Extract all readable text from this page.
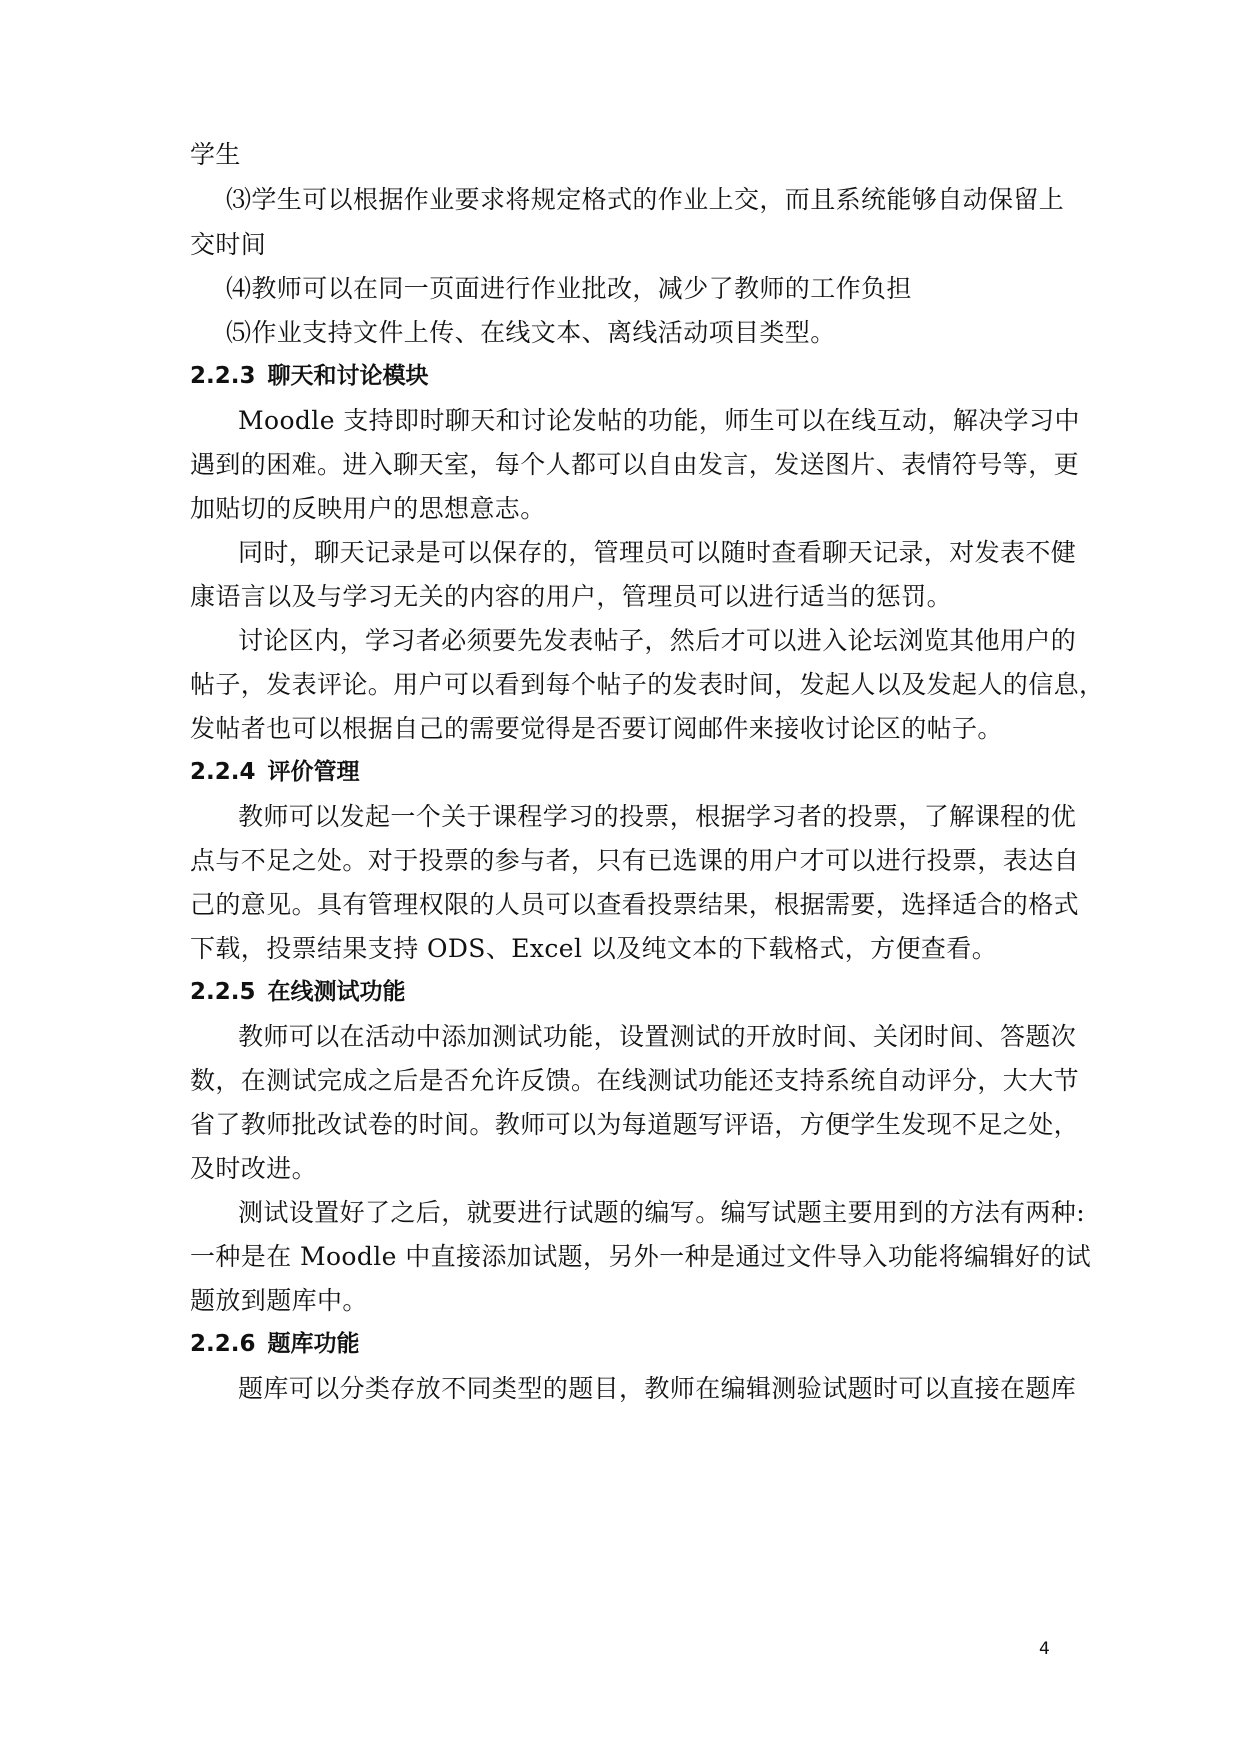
学生
⑶学生可以根据作业要求将规定格式的作业上交，而且系统能够自动保留上
交时间
⑷教师可以在同一页面进行作业批改，减少了教师的工作负担
⑸作业支持文件上传、在线文本、离线活动项目类型。
2.2.3 聊天和讨论模块
Moodle 支持即时聊天和讨论发帖的功能，师生可以在线互动，解决学习中
遇到的困难。进入聊天室，每个人都可以自由发言，发送图片、表情符号等，更
加贴切的反映用户的思想意志。
同时，聊天记录是可以保存的，管理员可以随时查看聊天记录，对发表不健
康语言以及与学习无关的内容的用户，管理员可以进行适当的惩罚。
讨论区内，学习者必须要先发表帖子，然后才可以进入论坛浏览其他用户的
帖子，发表评论。用户可以看到每个帖子的发表时间，发起人以及发起人的信息，
发帖者也可以根据自己的需要觉得是否要订阅邮件来接收讨论区的帖子。
2.2.4 评价管理
教师可以发起一个关于课程学习的投票，根据学习者的投票，了解课程的优
点与不足之处。对于投票的参与者，只有已选课的用户才可以进行投票，表达自
己的意见。具有管理权限的人员可以查看投票结果，根据需要，选择适合的格式
下载，投票结果支持 ODS、Excel 以及纯文本的下载格式，方便查看。
2.2.5 在线测试功能
教师可以在活动中添加测试功能，设置测试的开放时间、关闭时间、答题次
数，在测试完成之后是否允许反馈。在线测试功能还支持系统自动评分，大大节
省了教师批改试卷的时间。教师可以为每道题写评语，方便学生发现不足之处，
及时改进。
测试设置好了之后，就要进行试题的编写。编写试题主要用到的方法有两种:
一种是在 Moodle 中直接添加试题，另外一种是通过文件导入功能将编辑好的试
题放到题库中。
2.2.6 题库功能
题库可以分类存放不同类型的题目，教师在编辑测验试题时可以直接在题库
4
